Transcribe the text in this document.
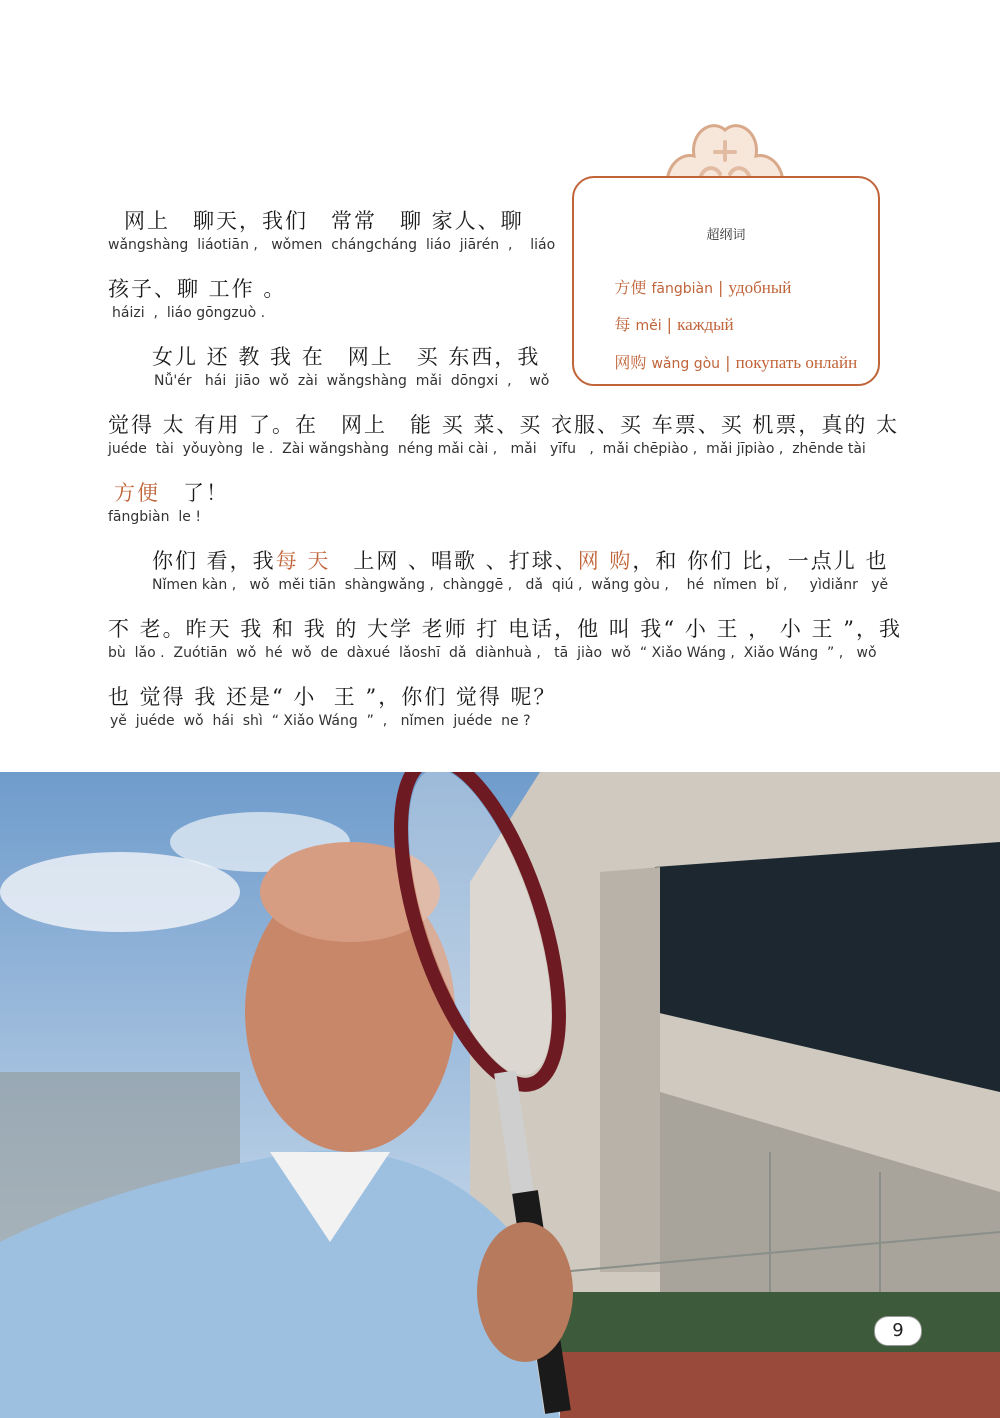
超纲词

方便 fāngbiàn | удобный

每 měi | каждый

网购 wǎng gòu | покупать онлайн

网上　聊天，我们　常常　聊 家人、聊
wǎngshàng  liáotiān ,   wǒmen  chángcháng  liáo  jiārén  ,    liáo
孩子、聊 工作 。
háizi  ,  liáo gōngzuò .
女儿 还 教 我 在　网上　买 东西，我
Nǚ'ér   hái  jiāo  wǒ  zài  wǎngshàng  mǎi  dōngxi  ,    wǒ
觉得 太 有用 了。在　网上　能 买 菜、买 衣服、买 车票、买 机票，真的 太
juéde  tài  yǒuyòng  le .  Zài wǎngshàng  néng mǎi cài ,   mǎi   yīfu   ,  mǎi chēpiào ,  mǎi jīpiào ,  zhēnde tài
方便　 了！
fāngbiàn  le !
你们 看，我每 天　 上网 、唱歌 、打球、网 购，和 你们 比，一点儿 也
Nǐmen kàn ,   wǒ  měi tiān  shàngwǎng ,  chànggē ,   dǎ  qiú ,  wǎng gòu ,    hé  nǐmen  bǐ ,     yìdiǎnr   yě
不 老。昨天 我 和 我 的 大学 老师 打 电话，他 叫 我“ 小 王 ， 小 王 ”，我
bù  lǎo .  Zuótiān  wǒ  hé  wǒ  de  dàxué  lǎoshī  dǎ  diànhuà ,   tā  jiào  wǒ  “ Xiǎo Wáng ,  Xiǎo Wáng  ” ,   wǒ
也 觉得 我 还是“ 小  王 ”，你们 觉得 呢？
yě  juéde  wǒ  hái  shì  “ Xiǎo Wáng  ”  ,   nǐmen  juéde  ne ?
9
